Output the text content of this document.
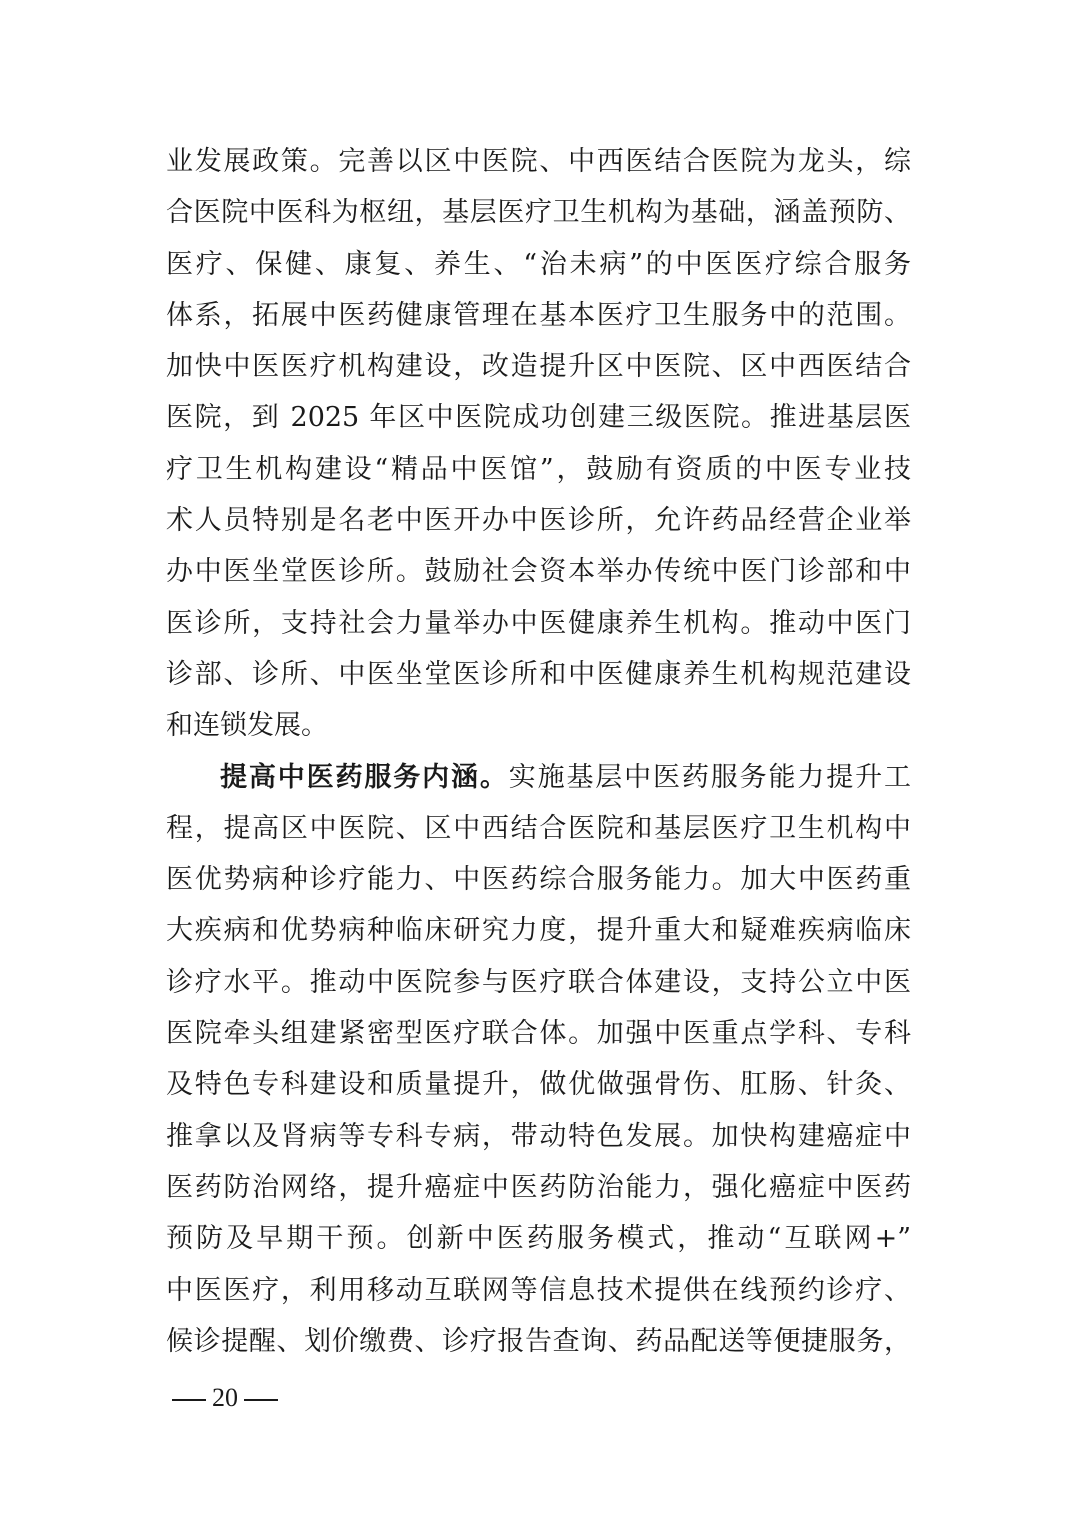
业发展政策。完善以区中医院、中西医结合医院为龙头，综
合医院中医科为枢纽，基层医疗卫生机构为基础，涵盖预防、
医疗、保健、康复、养生、“治未病”的中医医疗综合服务
体系，拓展中医药健康管理在基本医疗卫生服务中的范围。
加快中医医疗机构建设，改造提升区中医院、区中西医结合
医院，到 2025 年区中医院成功创建三级医院。推进基层医
疗卫生机构建设“精品中医馆”，鼓励有资质的中医专业技
术人员特别是名老中医开办中医诊所，允许药品经营企业举
办中医坐堂医诊所。鼓励社会资本举办传统中医门诊部和中
医诊所，支持社会力量举办中医健康养生机构。推动中医门
诊部、诊所、中医坐堂医诊所和中医健康养生机构规范建设
和连锁发展。
提高中医药服务内涵。实施基层中医药服务能力提升工
程，提高区中医院、区中西结合医院和基层医疗卫生机构中
医优势病种诊疗能力、中医药综合服务能力。加大中医药重
大疾病和优势病种临床研究力度，提升重大和疑难疾病临床
诊疗水平。推动中医院参与医疗联合体建设，支持公立中医
医院牵头组建紧密型医疗联合体。加强中医重点学科、专科
及特色专科建设和质量提升，做优做强骨伤、肛肠、针灸、
推拿以及肾病等专科专病，带动特色发展。加快构建癌症中
医药防治网络，提升癌症中医药防治能力，强化癌症中医药
预防及早期干预。创新中医药服务模式，推动“互联网+”
中医医疗，利用移动互联网等信息技术提供在线预约诊疗、
候诊提醒、划价缴费、诊疗报告查询、药品配送等便捷服务，
20
